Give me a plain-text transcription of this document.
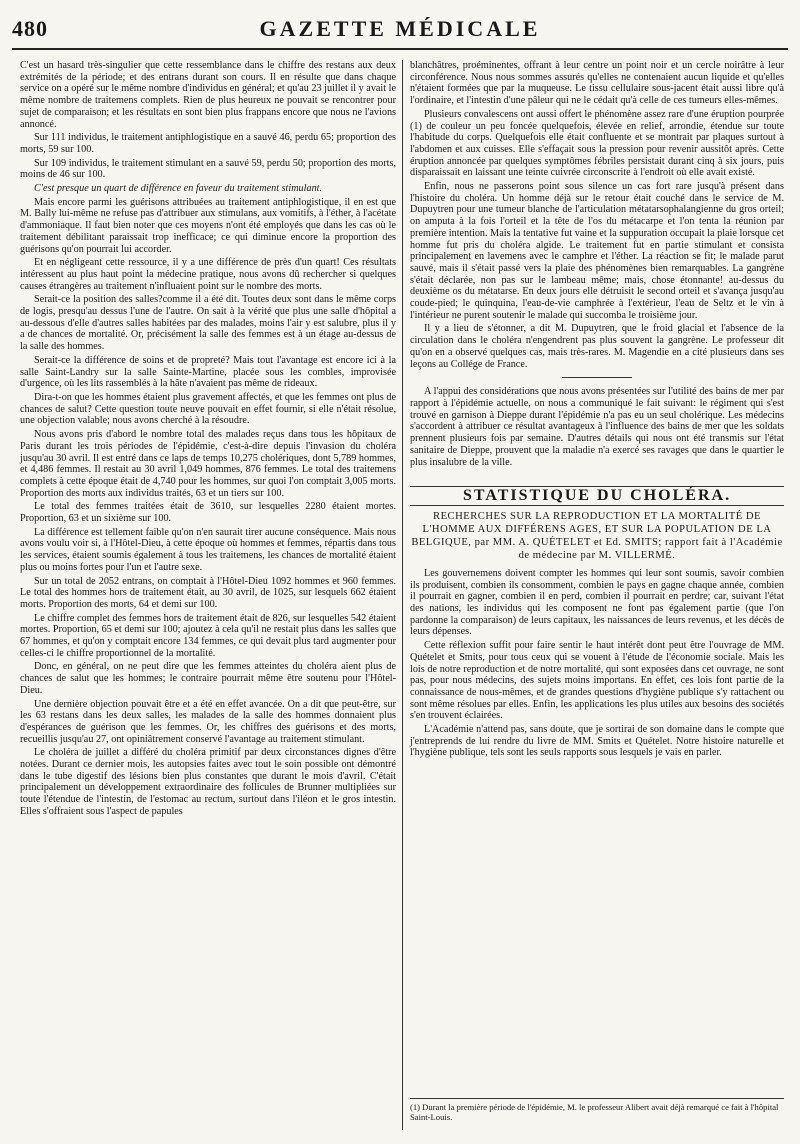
480	GAZETTE MÉDICALE

C'est un hasard très-singulier que cette ressemblance dans le chiffre des restans aux deux extrémités de la période; et des entrans durant son cours. Il en résulte que dans chaque service on a opéré sur le même nombre d'individus en général; et qu'au 23 juillet il y avait le même nombre de traitemens complets. Rien de plus heureux ne pouvait se rencontrer pour sujet de comparaison; et les résultats en sont bien plus frappans encore que nous ne l'avions annoncé.

Sur 111 individus, le traitement antiphlogistique en a sauvé 46, perdu 65; proportion des morts, 59 sur 100.

Sur 109 individus, le traitement stimulant en a sauvé 59, perdu 50; proportion des morts, moins de 46 sur 100.

C'est presque un quart de différence en faveur du traitement stimulant.

Mais encore parmi les guérisons attribuées au traitement antiphlogistique, il en est que M. Bally lui-même ne refuse pas d'attribuer aux stimulans, aux vomitifs, à l'éther, à l'acétate d'ammoniaque. Il faut bien noter que ces moyens n'ont été employés que dans les cas où le traitement débilitant paraissait trop inefficace; ce qui diminue encore la proportion des guérisons qu'on pourrait lui accorder.

Et en négligeant cette ressource, il y a une différence de près d'un quart! Ces résultats intéressent au plus haut point la médecine pratique, nous avons dû rechercher si quelques causes étrangères au traitement n'influaient point sur le nombre des morts.

Serait-ce la position des salles?comme il a été dit. Toutes deux sont dans le même corps de logis, presqu'au dessus l'une de l'autre. On sait à la vérité que plus une salle d'hôpital a au-dessous d'elle d'autres salles habitées par des malades, moins l'air y est salubre, plus il y a de chances de mortalité. Or, précisément la salle des femmes est à un étage au-dessus de la salle des hommes.

Serait-ce la différence de soins et de propreté? Mais tout l'avantage est encore ici à la salle Saint-Landry sur la salle Sainte-Martine, placée sous les combles, improvisée d'urgence, où les lits rassemblés à la hâte n'avaient pas même de rideaux.

Dira-t-on que les hommes étaient plus gravement affectés, et que les femmes ont plus de chances de salut? Cette question toute neuve pouvait en effet fournir, si elle n'était résolue, une objection valable; nous avons cherché à la résoudre.

Nous avons pris d'abord le nombre total des malades reçus dans tous les hôpitaux de Paris durant les trois périodes de l'épidémie, c'est-à-dire depuis l'invasion du choléra jusqu'au 30 avril. Il est entré dans ce laps de temps 10,275 cholériques, dont 5,789 hommes, et 4,486 femmes. Il restait au 30 avril 1,049 hommes, 876 femmes. Le total des traitemens complets à cette époque était de 4,740 pour les hommes, sur quoi l'on comptait 3,005 morts. Proportion des morts aux individus traités, 63 et un tiers sur 100.

Le total des femmes traitées était de 3610, sur lesquelles 2280 étaient mortes. Proportion, 63 et un sixième sur 100.

La différence est tellement faible qu'on n'en saurait tirer aucune conséquence. Mais nous avons voulu voir si, à l'Hôtel-Dieu, à cette époque où hommes et femmes, répartis dans tous les services, étaient soumis également à tous les traitemens, les chances de mortalité étaient plus ou moins fortes pour l'un et l'autre sexe.

Sur un total de 2052 entrans, on comptait à l'Hôtel-Dieu 1092 hommes et 960 femmes. Le total des hommes hors de traitement était, au 30 avril, de 1025, sur lesquels 662 étaient morts. Proportion des morts, 64 et demi sur 100.

Le chiffre complet des femmes hors de traitement était de 826, sur lesquelles 542 étaient mortes. Proportion, 65 et demi sur 100; ajoutez à cela qu'il ne restait plus dans les salles que 67 hommes, et qu'on y comptait encore 134 femmes, ce qui devait plus tard augmenter pour celles-ci le chiffre proportionnel de la mortalité.

Donc, en général, on ne peut dire que les femmes atteintes du choléra aient plus de chances de salut que les hommes; le contraire pourrait même être soutenu pour l'Hôtel-Dieu.

Une dernière objection pouvait être et a été en effet avancée. On a dit que peut-être, sur les 63 restans dans les deux salles, les malades de la salle des hommes donnaient plus d'espérances de guérison que les femmes. Or, les chiffres des guérisons et des morts, recueillis jusqu'au 27, ont opiniâtrement conservé l'avantage au traitement stimulant.

Le choléra de juillet a différé du choléra primitif par deux circonstances dignes d'être notées. Durant ce dernier mois, les autopsies faites avec tout le soin possible ont démontré dans le tube digestif des lésions bien plus constantes que durant le mois d'avril. C'était principalement un développement extraordinaire des follicules de Brunner multipliées sur toute l'étendue de l'intestin, de l'estomac au rectum, surtout dans l'iléon et le gros intestin. Elles s'offraient sous l'aspect de papules

blanchâtres, proéminentes, offrant à leur centre un point noir et un cercle noirâtre à leur circonférence. Nous nous sommes assurés qu'elles ne contenaient aucun liquide et qu'elles n'étaient formées que par la muqueuse. Le tissu cellulaire sous-jacent était aussi libre qu'à l'ordinaire, et l'intestin d'une pâleur qui ne le cédait qu'à celle de ces tumeurs elles-mêmes.

Plusieurs convalescens ont aussi offert le phénomène assez rare d'une éruption pourprée (1) de couleur un peu foncée quelquefois, élevée en relief, arrondie, étendue sur toute l'habitude du corps. Quelquefois elle était confluente et se montrait par plaques surtout à l'abdomen et aux cuisses. Elle s'effaçait sous la pression pour revenir aussitôt après. Cette éruption annoncée par quelques symptômes fébriles persistait durant cinq à six jours, puis disparaissait en laissant une teinte cuivrée circonscrite à l'endroit où elle avait existé.

Enfin, nous ne passerons point sous silence un cas fort rare jusqu'à présent dans l'histoire du choléra. Un homme déjà sur le retour était couché dans le service de M. Dupuytren pour une tumeur blanche de l'articulation métatarsophalangienne du gros orteil; on amputa à la fois l'orteil et la tête de l'os du métacarpe et l'on tenta la réunion par première intention. Mais la tentative fut vaine et la suppuration occupait la plaie lorsque cet homme fut pris du choléra algide. Le traitement fut en partie stimulant et consista principalement en lavemens avec le camphre et l'éther. La réaction se fit; le malade parut sauvé, mais il s'était passé vers la plaie des phénomènes bien remarquables. La gangrène s'était déclarée, non pas sur le lambeau même; mais, chose étonnante! au-dessus du deuxième os du métatarse. En deux jours elle détruisit le second orteil et s'avança jusqu'au coude-pied; le quinquina, l'eau-de-vie camphrée à l'extérieur, l'eau de Seltz et le vin à l'intérieur ne purent soutenir le malade qui succomba le troisième jour.

Il y a lieu de s'étonner, a dit M. Dupuytren, que le froid glacial et l'absence de la circulation dans le choléra n'engendrent pas plus souvent la gangrène. Le professeur dit qu'on en a observé quelques cas, mais très-rares. M. Magendie en a cité plusieurs dans ses leçons au Collége de France.

A l'appui des considérations que nous avons présentées sur l'utilité des bains de mer par rapport à l'épidémie actuelle, on nous a communiqué le fait suivant: le régiment qui s'est trouvé en garnison à Dieppe durant l'épidémie n'a pas eu un seul cholérique. Les médecins s'accordent à attribuer ce résultat avantageux à l'influence des bains de mer que les soldats prennent plusieurs fois par semaine. D'autres détails qui nous ont été transmis sur l'état sanitaire de Dieppe, prouvent que la maladie n'a exercé ses ravages que dans le quartier le plus insalubre de la ville.

STATISTIQUE DU CHOLÉRA.
RECHERCHES SUR LA REPRODUCTION ET LA MORTALITÉ DE L'HOMME AUX DIFFÉRENS AGES, ET SUR LA POPULATION DE LA BELGIQUE, par MM. A. QUÉTELET et Ed. SMITS; rapport fait à l'Académie de médecine par M. VILLERMÉ.

Les gouvernemens doivent compter les hommes qui leur sont soumis, savoir combien ils produisent, combien ils consomment, combien le pays en gagne chaque année, combien il pourrait en gagner, combien il en perd, combien il pourrait en perdre; car, suivant l'état des nations, les individus qui les composent ne font pas également partie (que l'on pardonne la comparaison) de leurs capitaux, les naissances de leurs revenus, et les décès de leurs dépenses.

Cette réflexion suffit pour faire sentir le haut intérêt dont peut être l'ouvrage de MM. Quételet et Smits, pour tous ceux qui se vouent à l'étude de l'économie sociale. Mais les lois de notre reproduction et de notre mortalité, qui sont exposées dans cet ouvrage, ne sont pas, pour nous médecins, des sujets moins importans. En effet, ces lois font partie de la connaissance de nous-mêmes, et de grandes questions d'hygiène publique s'y rattachent ou sont même résolues par elles. Enfin, les applications les plus utiles aux besoins des sociétés s'en trouvent éclairées.

L'Académie n'attend pas, sans doute, que je sortirai de son domaine dans le compte que j'entreprends de lui rendre du livre de MM. Smits et Quételet. Notre histoire naturelle et l'hygiène publique, tels sont les seuls rapports sous lesquels je vais en parler.

(1) Durant la première période de l'épidémie, M. le professeur Alibert avait déjà remarqué ce fait à l'hôpital Saint-Louis.
